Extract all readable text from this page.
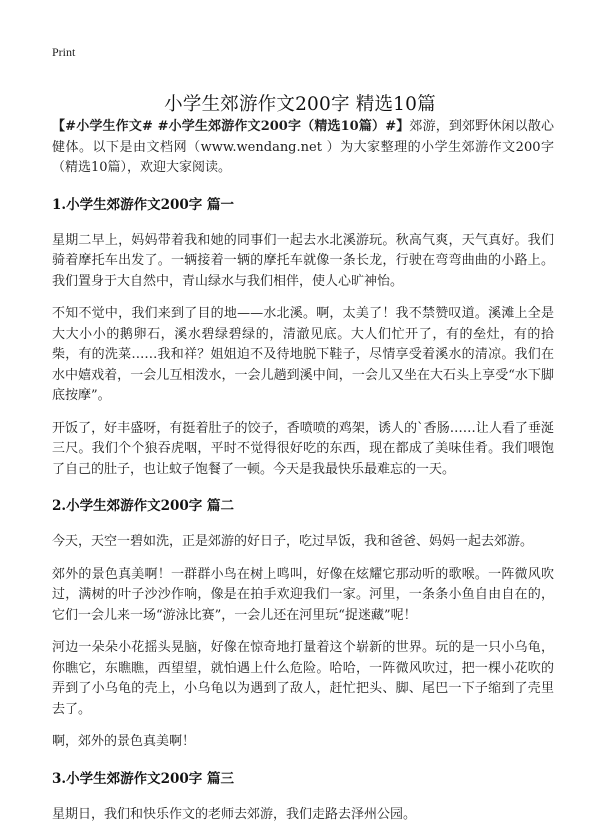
Print
小学生郊游作文200字 精选10篇

【#小学生作文# #小学生郊游作文200字（精选10篇）#】郊游，到郊野休闲以散心健体。以下是由文档网（www.wendang.net ）为大家整理的小学生郊游作文200字（精选10篇），欢迎大家阅读。

1.小学生郊游作文200字 篇一

星期二早上，妈妈带着我和她的同事们一起去水北溪游玩。秋高气爽，天气真好。我们骑着摩托车出发了。一辆接着一辆的摩托车就像一条长龙，行驶在弯弯曲曲的小路上。我们置身于大自然中，青山绿水与我们相伴，使人心旷神怡。

不知不觉中，我们来到了目的地——水北溪。啊，太美了！我不禁赞叹道。溪滩上全是大大小小的鹅卵石，溪水碧绿碧绿的，清澈见底。大人们忙开了，有的垒灶，有的拾柴，有的洗菜……我和祥？姐姐迫不及待地脱下鞋子，尽情享受着溪水的清凉。我们在水中嬉戏着，一会儿互相泼水，一会儿趟到溪中间，一会儿又坐在大石头上享受“水下脚底按摩”。

开饭了，好丰盛呀，有挺着肚子的饺子，香喷喷的鸡架，诱人的`香肠……让人看了垂涎三尺。我们个个狼吞虎咽，平时不觉得很好吃的东西，现在都成了美味佳肴。我们喂饱了自己的肚子，也让蚊子饱餐了一顿。今天是我最快乐最难忘的一天。

2.小学生郊游作文200字 篇二

今天，天空一碧如洗，正是郊游的好日子，吃过早饭，我和爸爸、妈妈一起去郊游。

郊外的景色真美啊！一群群小鸟在树上鸣叫，好像在炫耀它那动听的歌喉。一阵微风吹过，满树的叶子沙沙作响，像是在拍手欢迎我们一家。河里，一条条小鱼自由自在的，它们一会儿来一场“游泳比赛”，一会儿还在河里玩“捉迷藏”呢！

河边一朵朵小花摇头晃脑，好像在惊奇地打量着这个崭新的世界。玩的是一只小乌龟，你瞧它，东瞧瞧，西望望，就怕遇上什么危险。哈哈，一阵微风吹过，把一棵小花吹的弄到了小乌龟的壳上，小乌龟以为遇到了敌人，赶忙把头、脚、尾巴一下子缩到了壳里去了。

啊，郊外的景色真美啊！

3.小学生郊游作文200字 篇三

星期日，我们和快乐作文的老师去郊游，我们走路去泽州公园。
